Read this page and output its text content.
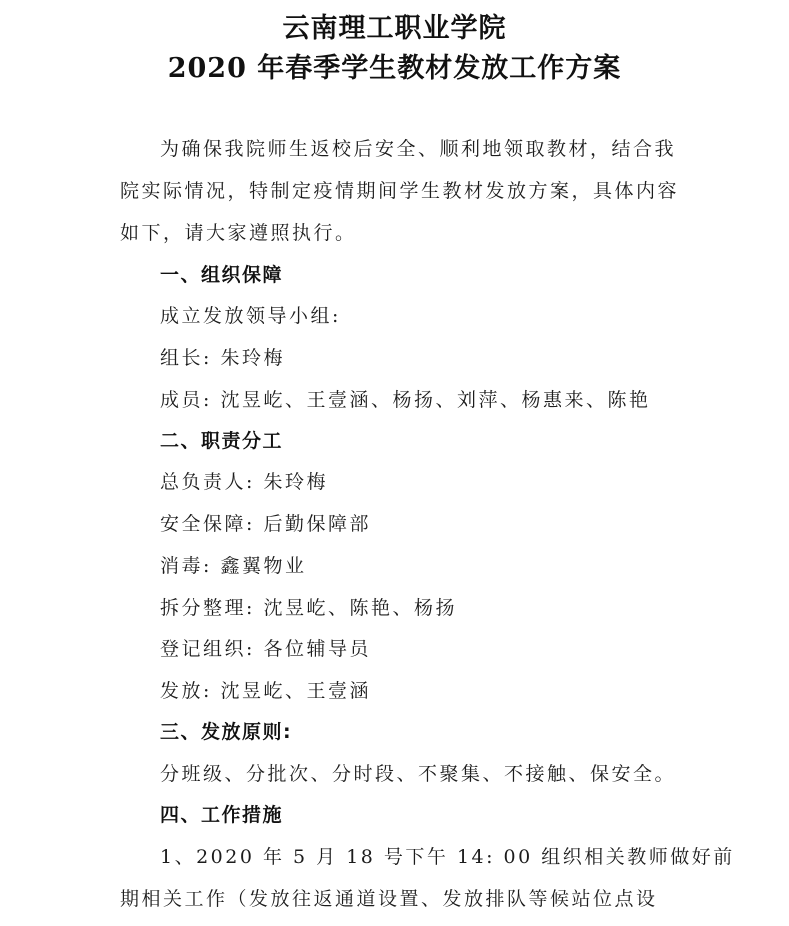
云南理工职业学院
2020 年春季学生教材发放工作方案
为确保我院师生返校后安全、顺利地领取教材，结合我
院实际情况，特制定疫情期间学生教材发放方案，具体内容
如下，请大家遵照执行。
一、组织保障
成立发放领导小组:
组长: 朱玲梅
成员: 沈昱屹、王壹涵、杨扬、刘萍、杨惠来、陈艳
二、职责分工
总负责人: 朱玲梅
安全保障: 后勤保障部
消毒: 鑫翼物业
拆分整理: 沈昱屹、陈艳、杨扬
登记组织: 各位辅导员
发放: 沈昱屹、王壹涵
三、发放原则:
分班级、分批次、分时段、不聚集、不接触、保安全。
四、工作措施
1、2020 年 5 月 18 号下午 14: 00 组织相关教师做好前
期相关工作（发放往返通道设置、发放排队等候站位点设
